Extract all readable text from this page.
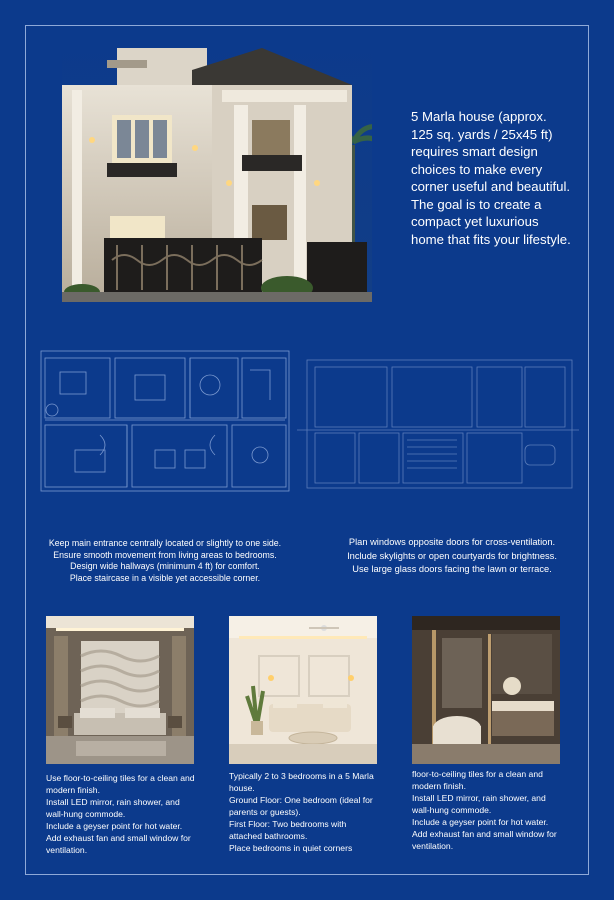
5 Marla house (approx. 125 sq. yards / 25x45 ft) requires smart design choices to make every corner useful and beautiful. The goal is to create a compact yet luxurious home that fits your lifestyle.
Keep main entrance centrally located or slightly to one side.
Ensure smooth movement from living areas to bedrooms.
Design wide hallways (minimum 4 ft) for comfort.
Place staircase in a visible yet accessible corner.
Plan windows opposite doors for cross-ventilation.
Include skylights or open courtyards for brightness.
Use large glass doors facing the lawn or terrace.
Use floor-to-ceiling tiles for a clean and modern finish.
Install LED mirror, rain shower, and wall-hung commode.
Include a geyser point for hot water.
Add exhaust fan and small window for ventilation.
Typically 2 to 3 bedrooms in a 5 Marla house.
Ground Floor: One bedroom (ideal for parents or guests).
First Floor: Two bedrooms with attached bathrooms.
Place bedrooms in quiet corners
floor-to-ceiling tiles for a clean and modern finish.
Install LED mirror, rain shower, and wall-hung commode.
Include a geyser point for hot water.
Add exhaust fan and small window for ventilation.
